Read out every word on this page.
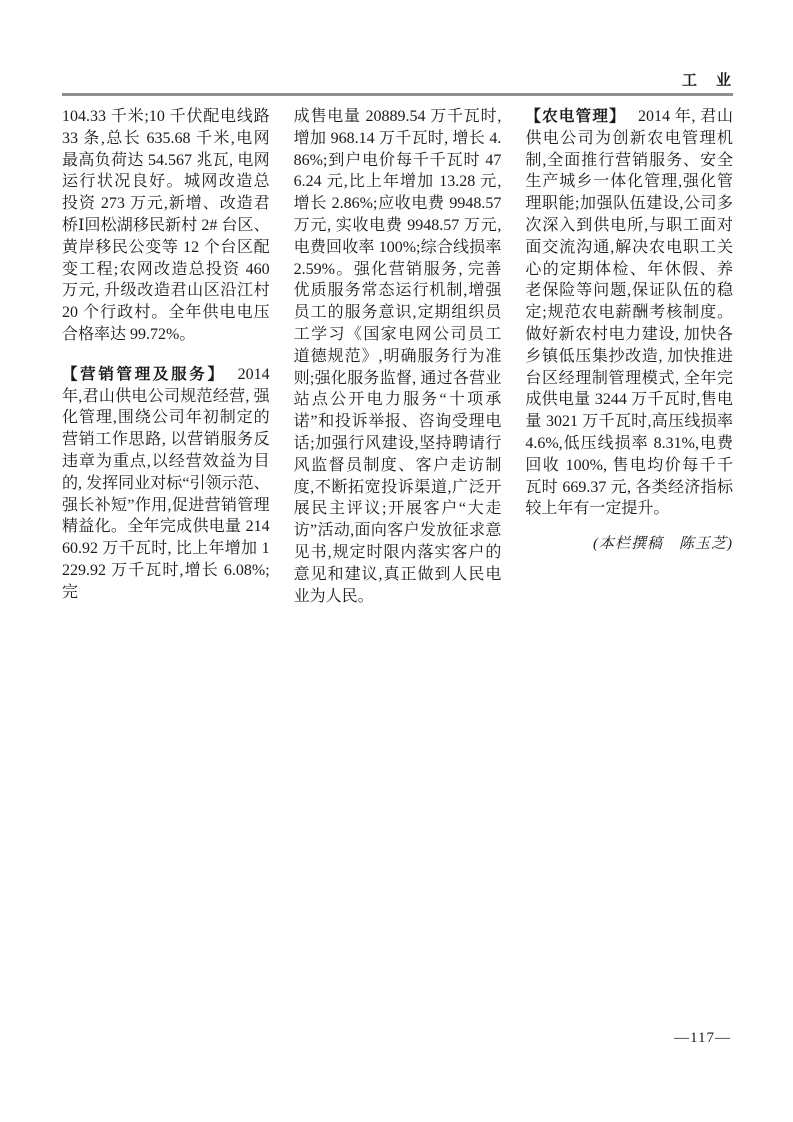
工　业

104.33 千米;10 千伏配电线路 33 条,总长 635.68 千米,电网最高负荷达 54.567 兆瓦, 电网运行状况良好。城网改造总投资 273 万元,新增、改造君桥Ⅰ回松湖移民新村 2# 台区、黄岸移民公变等 12 个台区配变工程;农网改造总投资 460 万元, 升级改造君山区沿江村 20 个行政村。全年供电电压合格率达 99.72%。

【营销管理及服务】 2014 年,君山供电公司规范经营, 强化管理,围绕公司年初制定的营销工作思路, 以营销服务反违章为重点,以经营效益为目的, 发挥同业对标“引领示范、强长补短”作用,促进营销管理精益化。全年完成供电量 21460.92 万千瓦时, 比上年增加 1229.92 万千瓦时,增长 6.08%;完

成售电量 20889.54 万千瓦时,增加 968.14 万千瓦时, 增长 4.86%;到户电价每千千瓦时 476.24 元,比上年增加 13.28 元,增长 2.86%;应收电费 9948.57 万元, 实收电费 9948.57 万元, 电费回收率 100%;综合线损率 2.59%。强化营销服务, 完善优质服务常态运行机制,增强员工的服务意识,定期组织员工学习《国家电网公司员工道德规范》,明确服务行为准则;强化服务监督, 通过各营业站点公开电力服务“十项承诺”和投诉举报、咨询受理电话;加强行风建设,坚持聘请行风监督员制度、客户走访制度,不断拓宽投诉渠道,广泛开展民主评议;开展客户“大走访”活动,面向客户发放征求意见书,规定时限内落实客户的意见和建议,真正做到人民电业为人民。

【农电管理】 2014 年, 君山供电公司为创新农电管理机制,全面推行营销服务、安全生产城乡一体化管理,强化管理职能;加强队伍建设,公司多次深入到供电所,与职工面对面交流沟通,解决农电职工关心的定期体检、年休假、养老保险等问题,保证队伍的稳定;规范农电薪酬考核制度。做好新农村电力建设, 加快各乡镇低压集抄改造, 加快推进台区经理制管理模式, 全年完成供电量 3244 万千瓦时,售电量 3021 万千瓦时,高压线损率 4.6%,低压线损率 8.31%,电费回收 100%, 售电均价每千千瓦时 669.37 元, 各类经济指标较上年有一定提升。

(本栏撰稿　陈玉芝)

—117—
